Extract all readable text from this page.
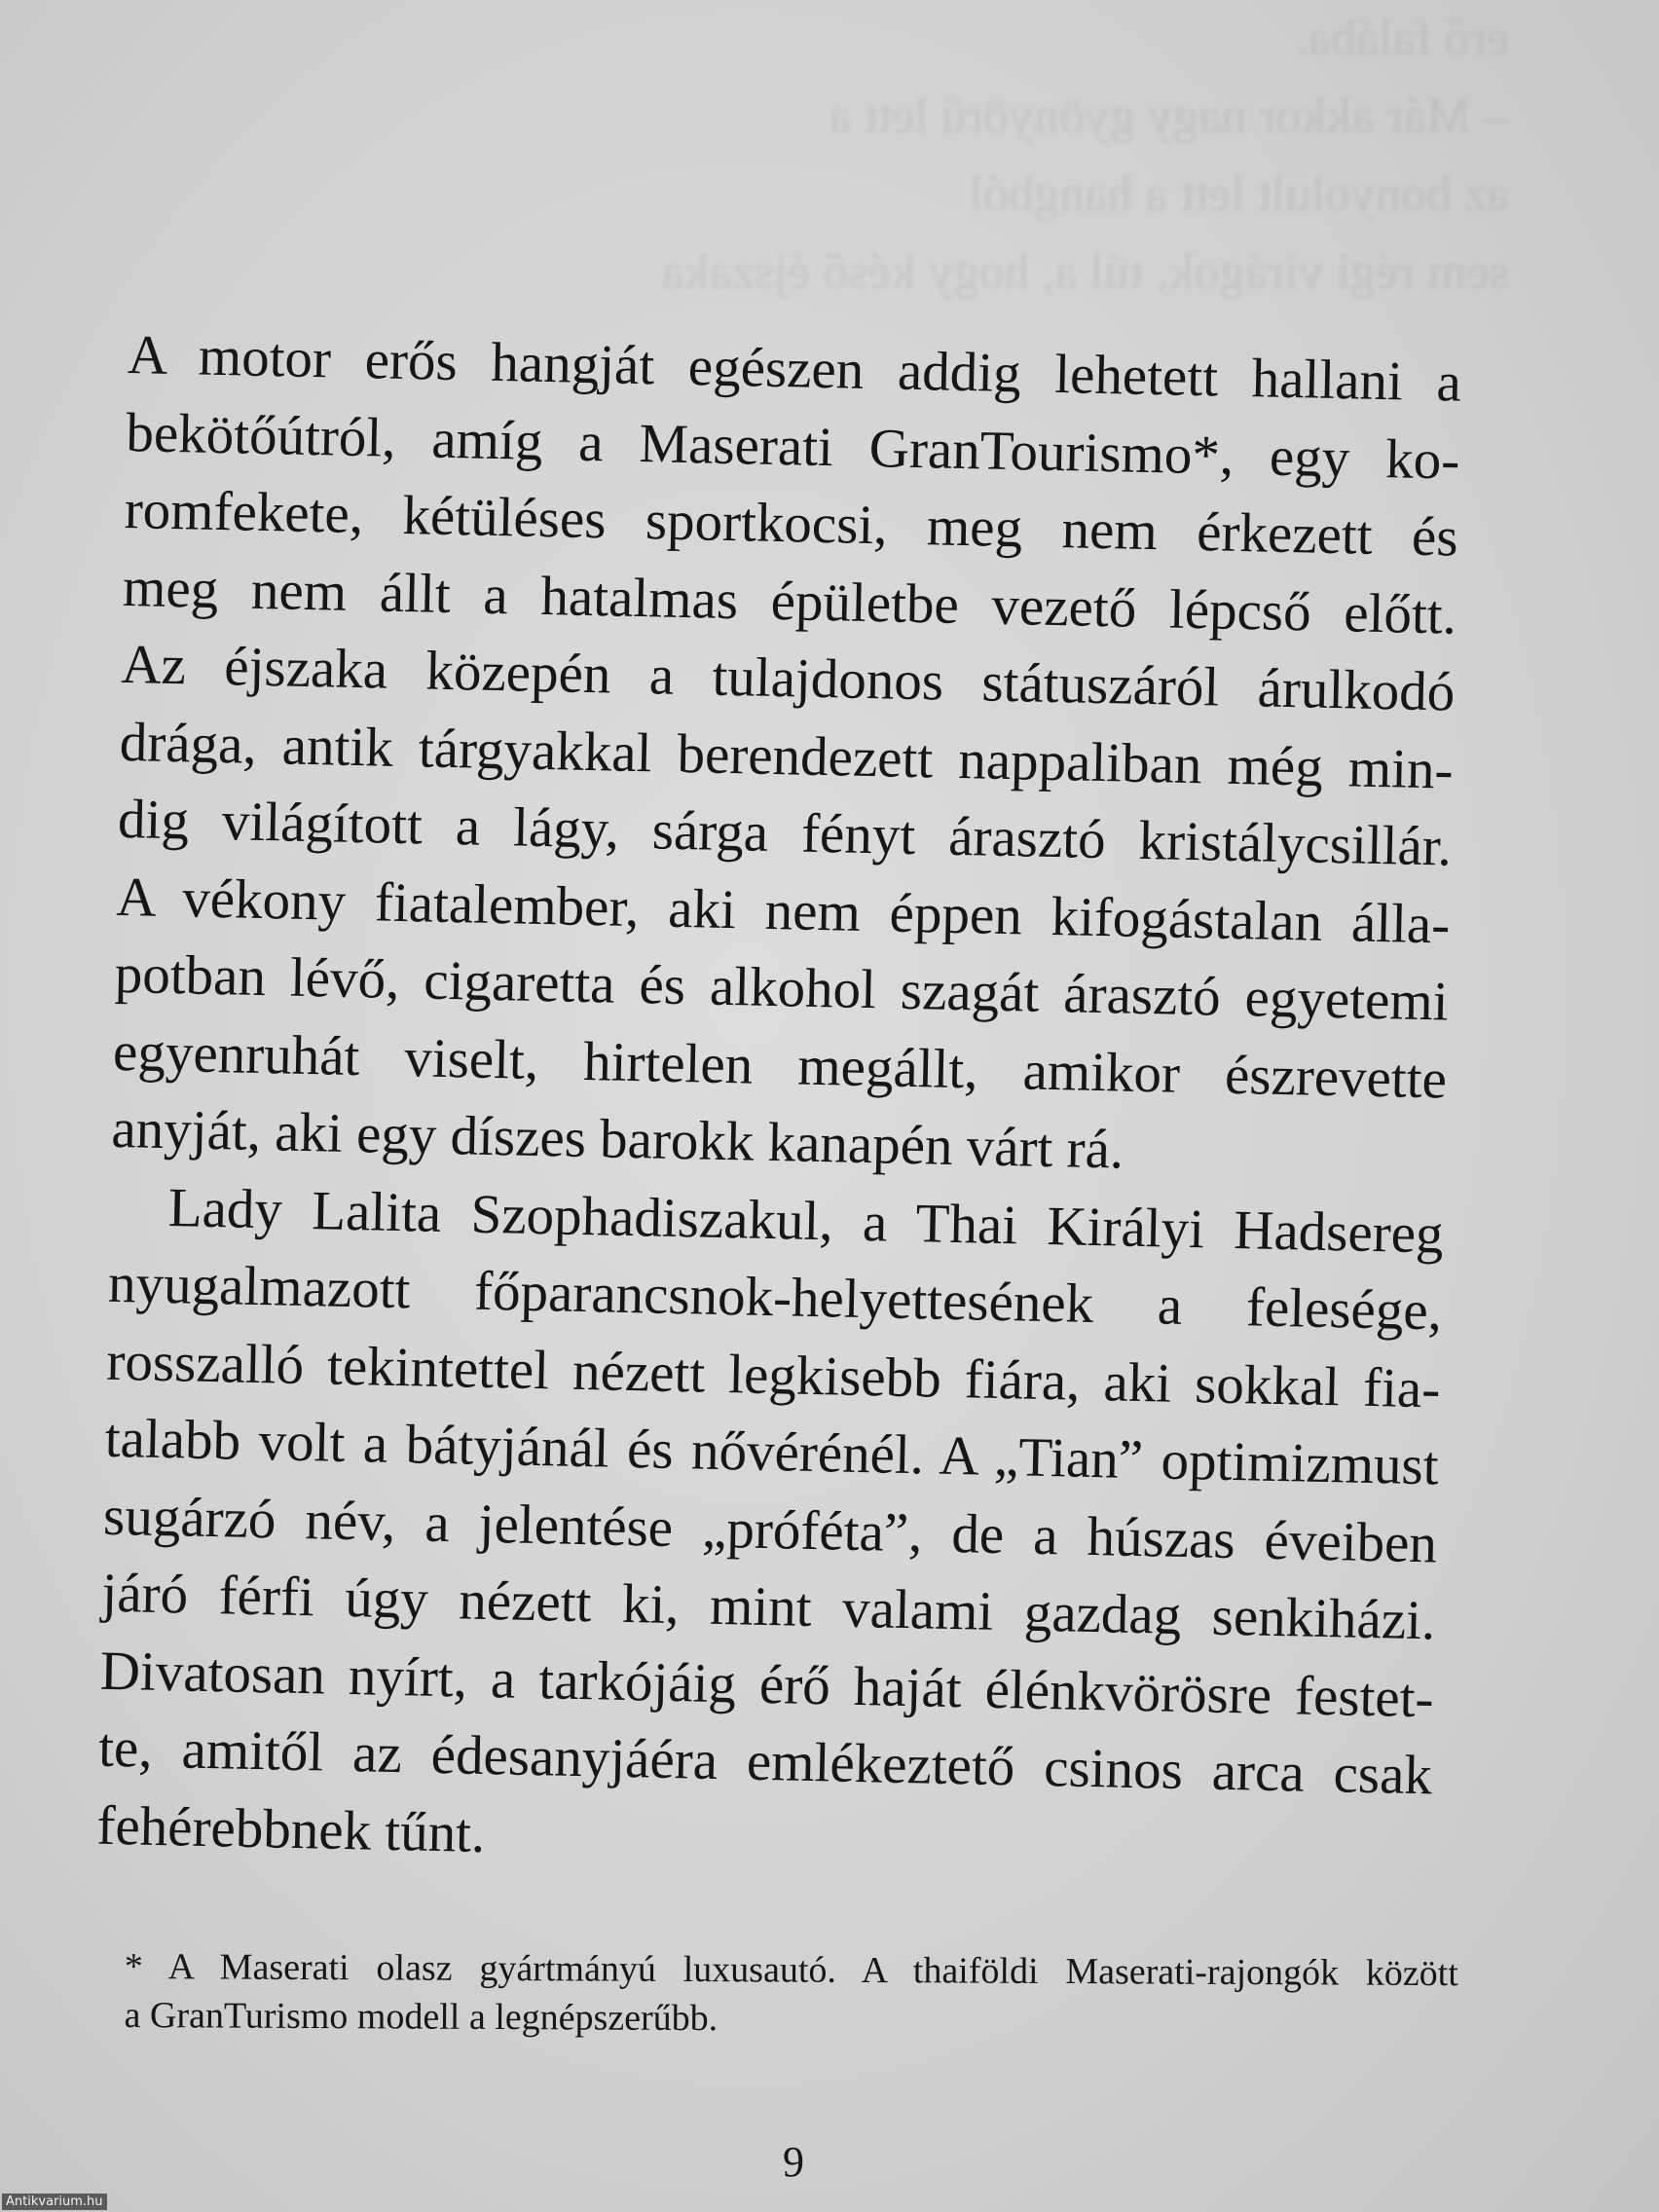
erő falába.
– Már akkor nagy gyönyörű lett a
az bonyolult lett a hangból
sem régi virágok, túl a, hogy késő éjszaka
A motor erős hangját egészen addig lehetett hallani a
bekötőútról, amíg a Maserati GranTourismo*, egy ko-
romfekete, kétüléses sportkocsi, meg nem érkezett és
meg nem állt a hatalmas épületbe vezető lépcső előtt.
Az éjszaka közepén a tulajdonos státuszáról árulkodó
drága, antik tárgyakkal berendezett nappaliban még min-
dig világított a lágy, sárga fényt árasztó kristálycsillár.
A vékony fiatalember, aki nem éppen kifogástalan álla-
potban lévő, cigaretta és alkohol szagát árasztó egyetemi
egyenruhát viselt, hirtelen megállt, amikor észrevette
anyját, aki egy díszes barokk kanapén várt rá.
Lady Lalita Szophadiszakul, a Thai Királyi Hadsereg
nyugalmazott főparancsnok-helyettesének a felesége,
rosszalló tekintettel nézett legkisebb fiára, aki sokkal fia-
talabb volt a bátyjánál és nővérénél. A „Tian” optimizmust
sugárzó név, a jelentése „próféta”, de a húszas éveiben
járó férfi úgy nézett ki, mint valami gazdag senkiházi.
Divatosan nyírt, a tarkójáig érő haját élénkvörösre festet-
te, amitől az édesanyjáéra emlékeztető csinos arca csak
fehérebbnek tűnt.
* A Maserati olasz gyártmányú luxusautó. A thaiföldi Maserati-rajongók között
a GranTurismo modell a legnépszerűbb.
9
Antikvarium.hu
